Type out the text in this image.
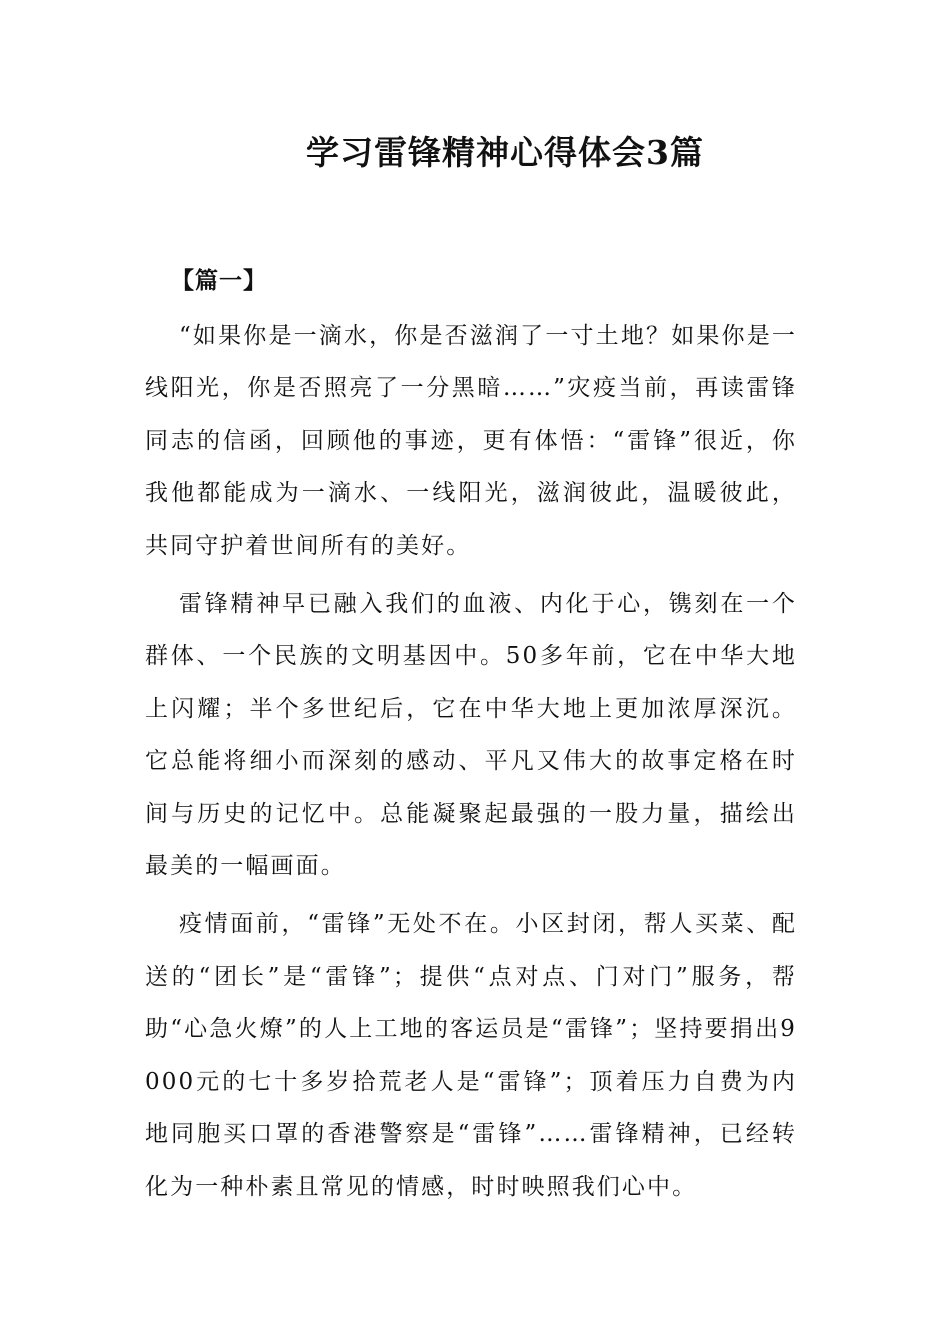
学习雷锋精神心得体会3篇
【篇一】

“如果你是一滴水，你是否滋润了一寸土地？如果你是一线阳光，你是否照亮了一分黑暗……”灾疫当前，再读雷锋同志的信函，回顾他的事迹，更有体悟：“雷锋”很近，你我他都能成为一滴水、一线阳光，滋润彼此，温暖彼此，共同守护着世间所有的美好。

雷锋精神早已融入我们的血液、内化于心，镌刻在一个群体、一个民族的文明基因中。50多年前，它在中华大地上闪耀；半个多世纪后，它在中华大地上更加浓厚深沉。它总能将细小而深刻的感动、平凡又伟大的故事定格在时间与历史的记忆中。总能凝聚起最强的一股力量，描绘出最美的一幅画面。

疫情面前，“雷锋”无处不在。小区封闭，帮人买菜、配送的“团长”是“雷锋”；提供“点对点、门对门”服务，帮助“心急火燎”的人上工地的客运员是“雷锋”；坚持要捐出9000元的七十多岁拾荒老人是“雷锋”；顶着压力自费为内地同胞买口罩的香港警察是“雷锋”……雷锋精神，已经转化为一种朴素且常见的情感，时时映照我们心中。
